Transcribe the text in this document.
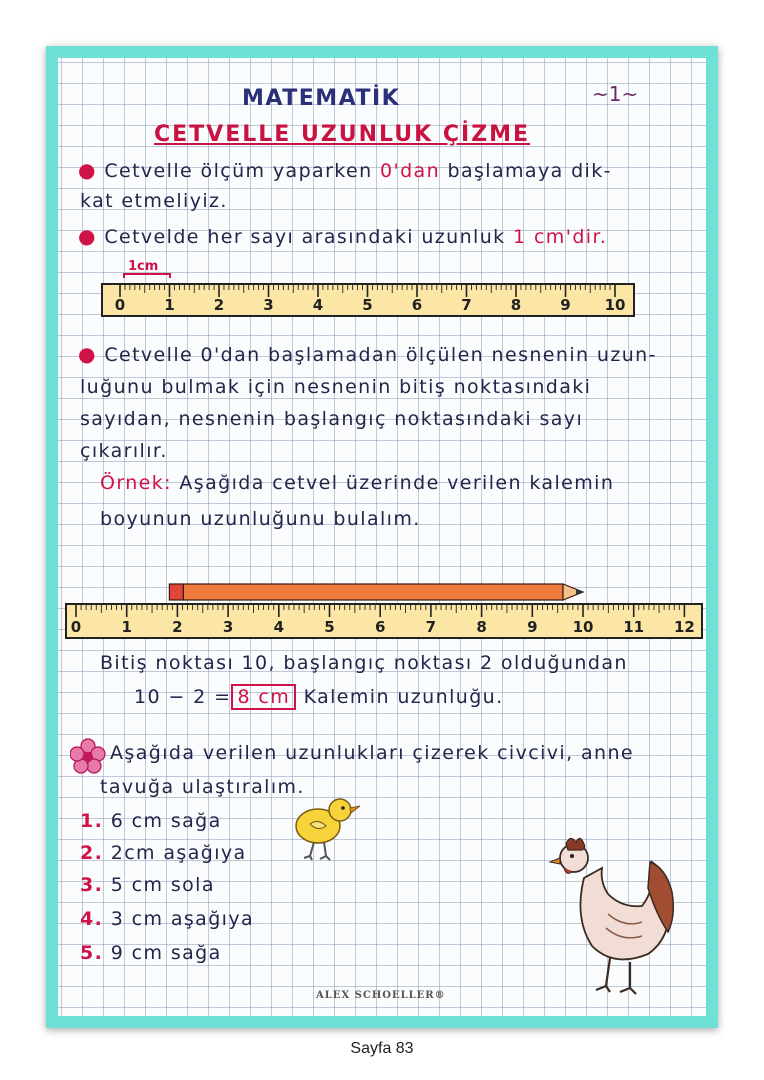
MATEMATİK	~1~
CETVELLE UZUNLUK ÇİZME
● Cetvelle ölçüm yaparken 0'dan başlamaya dik-
kat etmeliyiz.
● Cetvelde her sayı arasındaki uzunluk 1 cm'dir.
1cm
0	1	2	3	4	5	6	7	8	9 10
● Cetvelle 0'dan başlamadan ölçülen nesnenin uzun-
luğunu bulmak için nesnenin bitiş noktasındaki
sayıdan, nesnenin başlangıç noktasındaki sayı
çıkarılır.
Örnek: Aşağıda cetvel üzerinde verilen kalemin
boyunun uzunluğunu bulalım.
0	1	2	3	4	5	6	7	8	9 10 11 12
Bitiş noktası 10, başlangıç noktası 2 olduğundan
10 − 2 = 8 cm Kalemin uzunluğu.
Aşağıda verilen uzunlukları çizerek civcivi, anne
tavuğa ulaştıralım.
1. 6 cm sağa
2. 2cm aşağıya
3. 5 cm sola
4. 3 cm aşağıya
5. 9 cm sağa
ALEX SCHOELLER®
Sayfa 83
